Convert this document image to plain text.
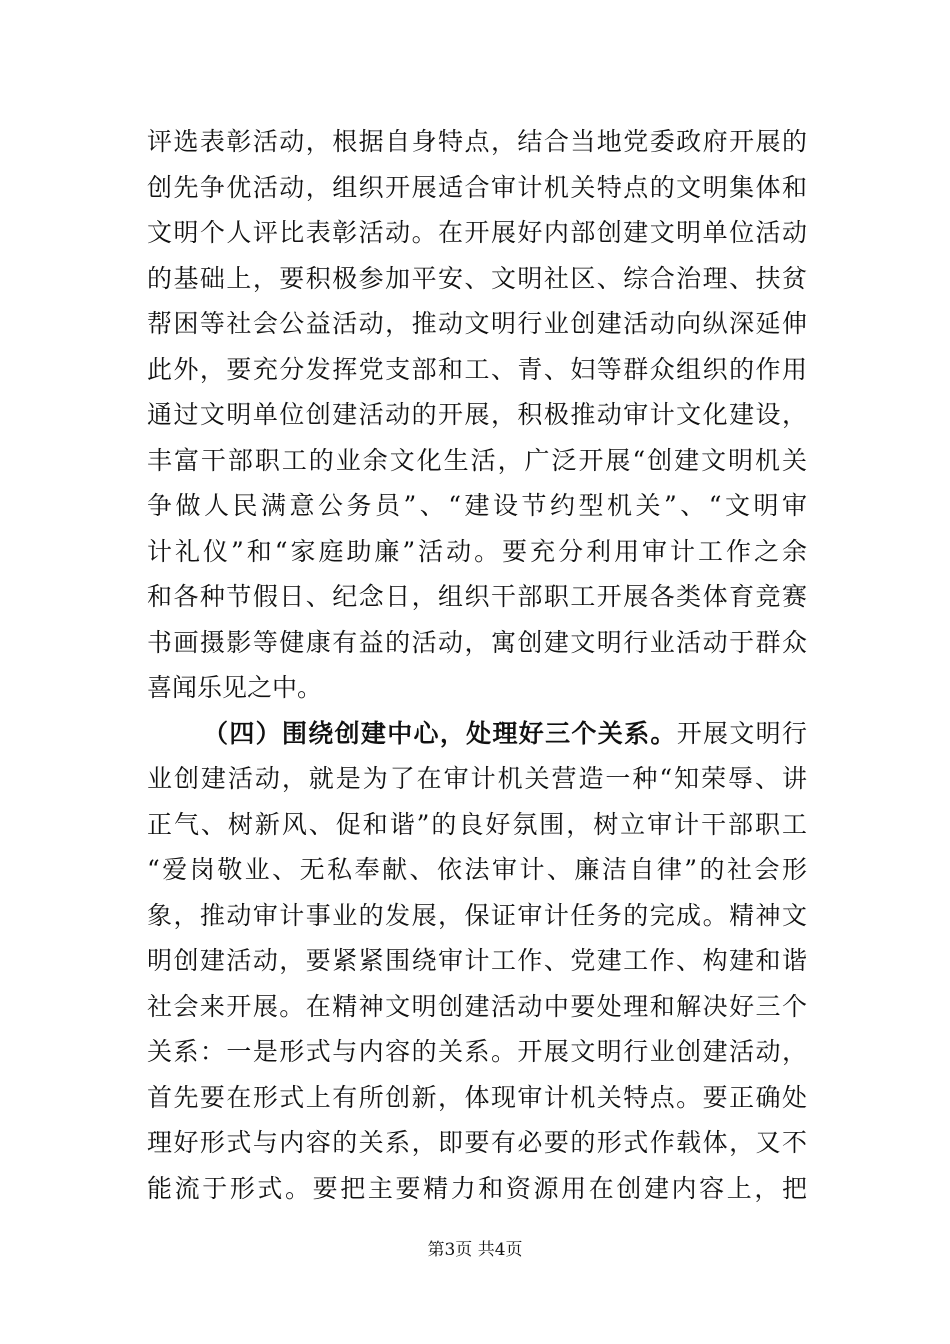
评选表彰活动，根据自身特点，结合当地党委政府开展的
创先争优活动，组织开展适合审计机关特点的文明集体和
文明个人评比表彰活动。在开展好内部创建文明单位活动
的基础上，要积极参加平安、文明社区、综合治理、扶贫
帮困等社会公益活动，推动文明行业创建活动向纵深延伸
此外，要充分发挥党支部和工、青、妇等群众组织的作用
通过文明单位创建活动的开展，积极推动审计文化建设，
丰富干部职工的业余文化生活，广泛开展“创建文明机关
争做人民满意公务员”、“建设节约型机关”、“文明审
计礼仪”和“家庭助廉”活动。要充分利用审计工作之余
和各种节假日、纪念日，组织干部职工开展各类体育竞赛
书画摄影等健康有益的活动，寓创建文明行业活动于群众
喜闻乐见之中。
（四）围绕创建中心，处理好三个关系。开展文明行
业创建活动，就是为了在审计机关营造一种“知荣辱、讲
正气、树新风、促和谐”的良好氛围，树立审计干部职工
“爱岗敬业、无私奉献、依法审计、廉洁自律”的社会形
象，推动审计事业的发展，保证审计任务的完成。精神文
明创建活动，要紧紧围绕审计工作、党建工作、构建和谐
社会来开展。在精神文明创建活动中要处理和解决好三个
关系：一是形式与内容的关系。开展文明行业创建活动，
首先要在形式上有所创新，体现审计机关特点。要正确处
理好形式与内容的关系，即要有必要的形式作载体，又不
能流于形式。要把主要精力和资源用在创建内容上，把
第3页 共4页
